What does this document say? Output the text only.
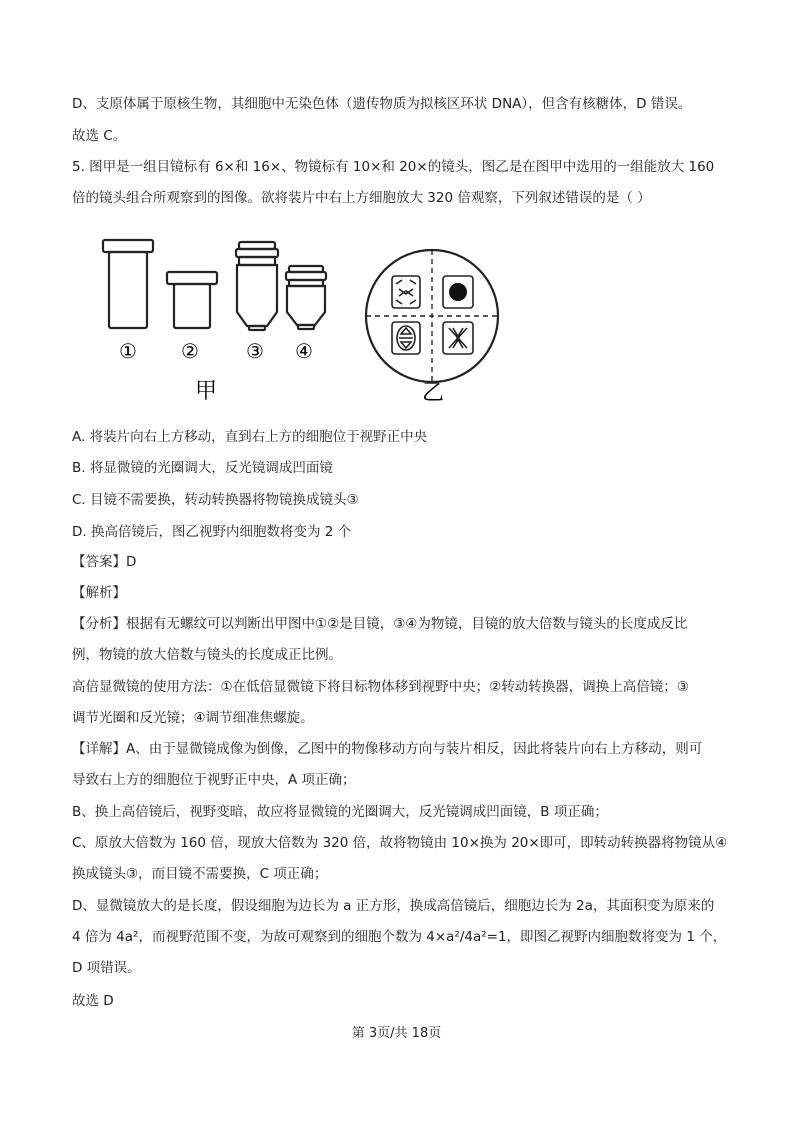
D、支原体属于原核生物，其细胞中无染色体（遗传物质为拟核区环状 DNA），但含有核糖体，D 错误。
故选 C。
5. 图甲是一组目镜标有 6×和 16×、物镜标有 10×和 20×的镜头，图乙是在图甲中选用的一组能放大 160
倍的镜头组合所观察到的图像。欲将装片中右上方细胞放大 320 倍观察，下列叙述错误的是（ ）
① ② ③ ④
甲	乙
A. 将装片向右上方移动，直到右上方的细胞位于视野正中央
B. 将显微镜的光圈调大，反光镜调成凹面镜
C. 目镜不需要换，转动转换器将物镜换成镜头③
D. 换高倍镜后，图乙视野内细胞数将变为 2 个
【答案】D
【解析】
【分析】根据有无螺纹可以判断出甲图中①②是目镜，③④为物镜，目镜的放大倍数与镜头的长度成反比
例，物镜的放大倍数与镜头的长度成正比例。
高倍显微镜的使用方法：①在低倍显微镜下将目标物体移到视野中央；②转动转换器，调换上高倍镜；③
调节光圈和反光镜；④调节细准焦螺旋。
【详解】A、由于显微镜成像为倒像，乙图中的物像移动方向与装片相反，因此将装片向右上方移动，则可
导致右上方的细胞位于视野正中央，A 项正确；
B、换上高倍镜后，视野变暗，故应将显微镜的光圈调大，反光镜调成凹面镜，B 项正确；
C、原放大倍数为 160 倍，现放大倍数为 320 倍，故将物镜由 10×换为 20×即可，即转动转换器将物镜从④
换成镜头③，而目镜不需要换，C 项正确；
D、显微镜放大的是长度，假设细胞为边长为 a 正方形，换成高倍镜后，细胞边长为 2a，其面积变为原来的
4 倍为 4a²，而视野范围不变，为故可观察到的细胞个数为 4×a²/4a²=1，即图乙视野内细胞数将变为 1 个，
D 项错误。
故选 D
第 3页/共 18页
